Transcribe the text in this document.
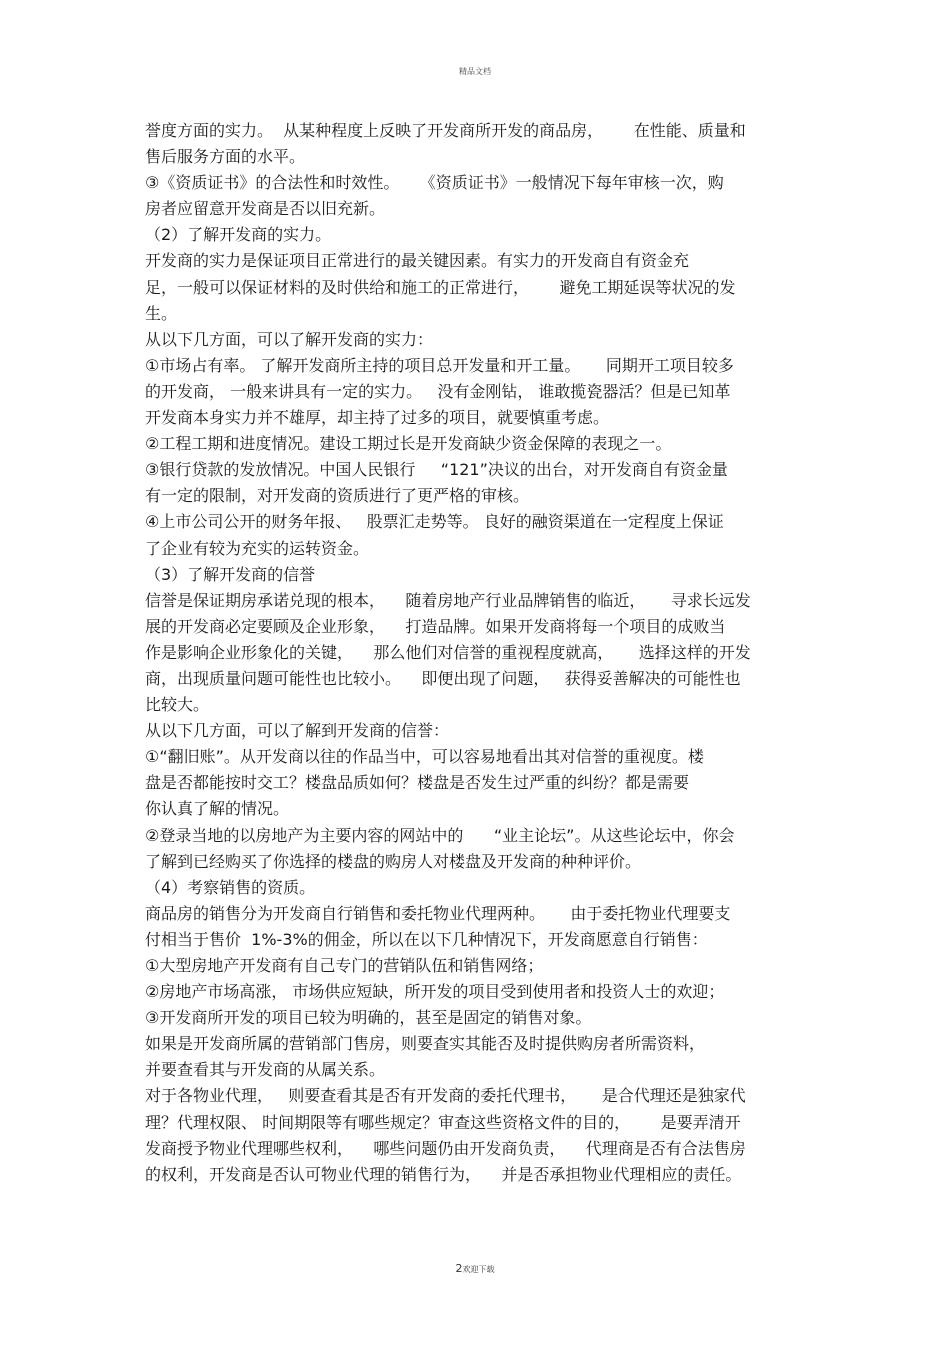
精品文档
誉度方面的实力。  从某种程度上反映了开发商所开发的商品房，      在性能、质量和
售后服务方面的水平。
③《资质证书》的合法性和时效性。    《资质证书》一般情况下每年审核一次，购
房者应留意开发商是否以旧充新。
（2）了解开发商的实力。
开发商的实力是保证项目正常进行的最关键因素。有实力的开发商自有资金充
足，一般可以保证材料的及时供给和施工的正常进行，      避免工期延误等状况的发
生。
从以下几方面，可以了解开发商的实力：
①市场占有率。 了解开发商所主持的项目总开发量和开工量。     同期开工项目较多
的开发商， 一般来讲具有一定的实力。   没有金刚钻， 谁敢揽瓷器活？但是已知革
开发商本身实力并不雄厚，却主持了过多的项目，就要慎重考虑。
②工程工期和进度情况。建设工期过长是开发商缺少资金保障的表现之一。
③银行贷款的发放情况。中国人民银行     “121”决议的出台，对开发商自有资金量
有一定的限制，对开发商的资质进行了更严格的审核。
④上市公司公开的财务年报、   股票汇走势等。 良好的融资渠道在一定程度上保证
了企业有较为充实的运转资金。
（3）了解开发商的信誉
信誉是保证期房承诺兑现的根本，    随着房地产行业品牌销售的临近，     寻求长远发
展的开发商必定要顾及企业形象，    打造品牌。如果开发商将每一个项目的成败当
作是影响企业形象化的关键，    那么他们对信誉的重视程度就高，     选择这样的开发
商，出现质量问题可能性也比较小。    即便出现了问题，   获得妥善解决的可能性也
比较大。
从以下几方面，可以了解到开发商的信誉：
①“翻旧账”。从开发商以往的作品当中，可以容易地看出其对信誉的重视度。楼
盘是否都能按时交工？楼盘品质如何？楼盘是否发生过严重的纠纷？都是需要
你认真了解的情况。
②登录当地的以房地产为主要内容的网站中的      “业主论坛”。从这些论坛中，你会
了解到已经购买了你选择的楼盘的购房人对楼盘及开发商的种种评价。
（4）考察销售的资质。
商品房的销售分为开发商自行销售和委托物业代理两种。     由于委托物业代理要支
付相当于售价  1%-3%的佣金，所以在以下几种情况下，开发商愿意自行销售：
①大型房地产开发商有自己专门的营销队伍和销售网络；
②房地产市场高涨， 市场供应短缺，所开发的项目受到使用者和投资人士的欢迎；
③开发商所开发的项目已较为明确的，甚至是固定的销售对象。
如果是开发商所属的营销部门售房，则要查实其能否及时提供购房者所需资料，
并要查看其与开发商的从属关系。
对于各物业代理，   则要查看其是否有开发商的委托代理书，     是合代理还是独家代
理？代理权限、 时间期限等有哪些规定？审查这些资格文件的目的，      是要弄清开
发商授予物业代理哪些权利，    哪些问题仍由开发商负责，    代理商是否有合法售房
的权利，开发商是否认可物业代理的销售行为，    并是否承担物业代理相应的责任。
2欢迎下载
